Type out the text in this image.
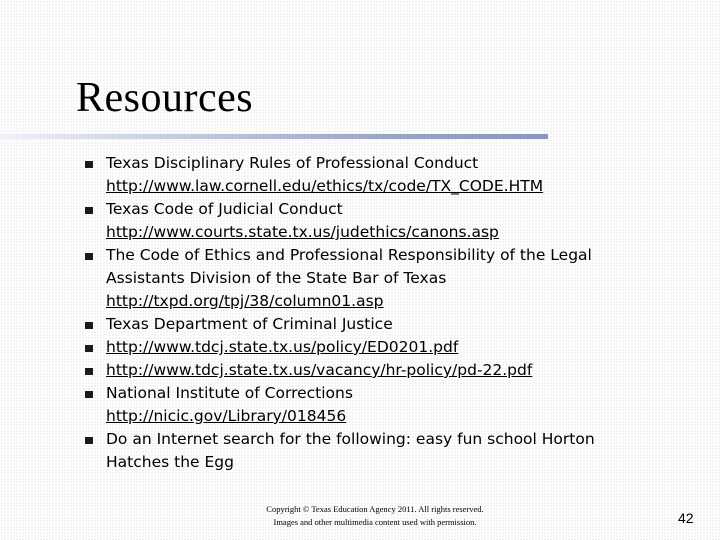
Resources
Texas Disciplinary Rules of Professional Conduct
http://www.law.cornell.edu/ethics/tx/code/TX_CODE.HTM
Texas Code of Judicial Conduct
http://www.courts.state.tx.us/judethics/canons.asp
The Code of Ethics and Professional Responsibility of the Legal
Assistants Division of the State Bar of Texas
http://txpd.org/tpj/38/column01.asp
Texas Department of Criminal Justice
http://www.tdcj.state.tx.us/policy/ED0201.pdf
http://www.tdcj.state.tx.us/vacancy/hr-policy/pd-22.pdf
National Institute of Corrections
http://nicic.gov/Library/018456
Do an Internet search for the following: easy fun school Horton
Hatches the Egg
Copyright © Texas Education Agency 2011. All rights reserved.
Images and other multimedia content used with permission.	42
